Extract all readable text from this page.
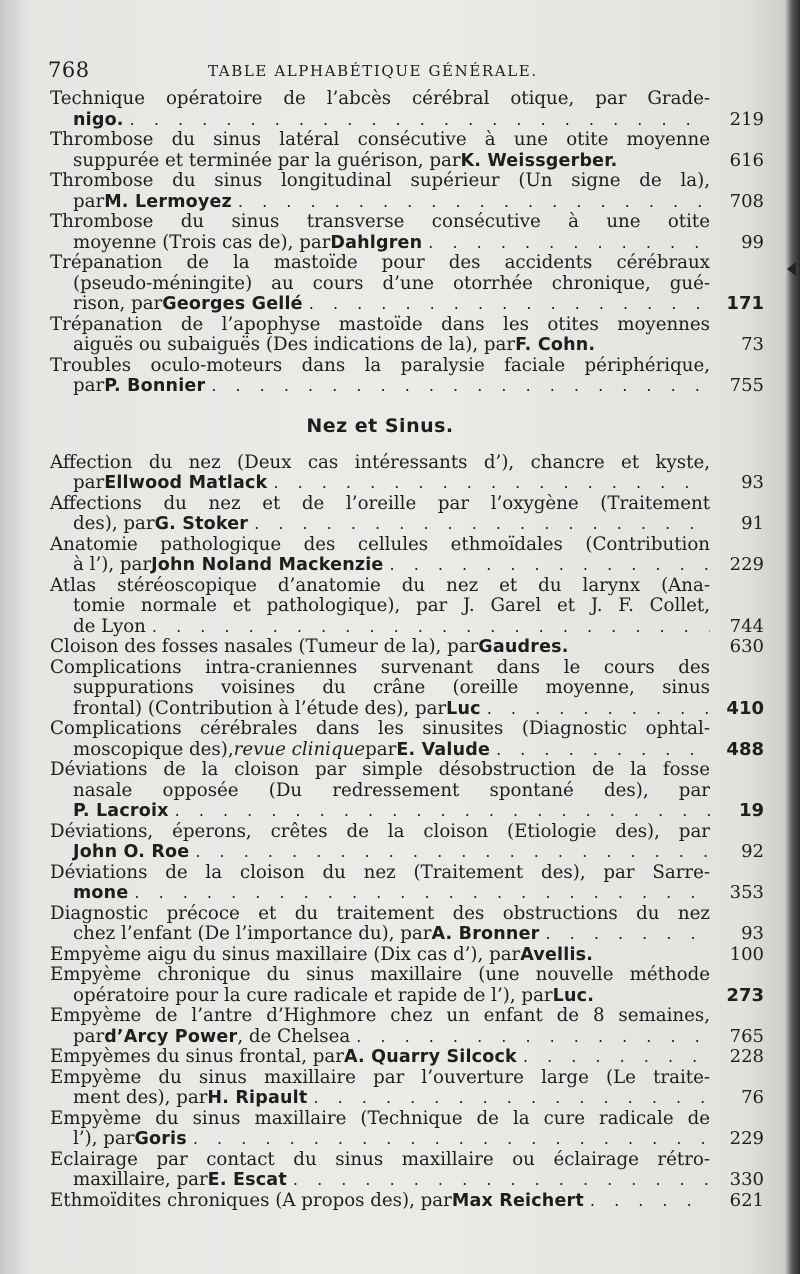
768	TABLE ALPHABÉTIQUE GÉNÉRALE.
Technique opératoire de l’abcès cérébral otique, par Grade-
nigo. . . .	219
Thrombose du sinus latéral consécutive à une otite moyenne
suppurée et terminée par la guérison, par K. Weissgerber.	616
Thrombose du sinus longitudinal supérieur (Un signe de la),
par M. Lermoyez . . .	708
Thrombose du sinus transverse consécutive à une otite
moyenne (Trois cas de), par Dahlgren . . .	99
Trépanation de la mastoïde pour des accidents cérébraux
(pseudo-méningite) au cours d’une otorrhée chronique, gué-
rison, par Georges Gellé . . .	171
Trépanation de l’apophyse mastoïde dans les otites moyennes
aiguës ou subaiguës (Des indications de la), par F. Cohn.	73
Troubles oculo-moteurs dans la paralysie faciale périphérique,
par P. Bonnier . . .	755
Nez et Sinus.
Affection du nez (Deux cas intéressants d’), chancre et kyste,
par Ellwood Matlack . . .	93
Affections du nez et de l’oreille par l’oxygène (Traitement
des), par G. Stoker . . .	91
Anatomie pathologique des cellules ethmoïdales (Contribution
à l’), par John Noland Mackenzie . . .	229
Atlas stéréoscopique d’anatomie du nez et du larynx (Ana-
tomie normale et pathologique), par J. Garel et J. F. Collet,
de Lyon . . .	744
Cloison des fosses nasales (Tumeur de la), par Gaudres.	630
Complications intra-craniennes survenant dans le cours des
suppurations voisines du crâne (oreille moyenne, sinus
frontal) (Contribution à l’étude des), par Luc . . .	410
Complications cérébrales dans les sinusites (Diagnostic ophtal-
moscopique des), revue clinique par E. Valude . . .	488
Déviations de la cloison par simple désobstruction de la fosse
nasale opposée (Du redressement spontané des), par
P. Lacroix . . .	19
Déviations, éperons, crêtes de la cloison (Etiologie des), par
John O. Roe . . .	92
Déviations de la cloison du nez (Traitement des), par Sarre-
mone . . .	353
Diagnostic précoce et du traitement des obstructions du nez
chez l’enfant (De l’importance du), par A. Bronner . . .	93
Empyème aigu du sinus maxillaire (Dix cas d’), par Avellis.	100
Empyème chronique du sinus maxillaire (une nouvelle méthode
opératoire pour la cure radicale et rapide de l’), par Luc.	273
Empyème de l’antre d’Highmore chez un enfant de 8 semaines,
par d’Arcy Power , de Chelsea . . .	765
Empyèmes du sinus frontal, par A. Quarry Silcock . . .	228
Empyème du sinus maxillaire par l’ouverture large (Le traite-
ment des), par H. Ripault . . .	76
Empyème du sinus maxillaire (Technique de la cure radicale de
l’), par Goris . . .	229
Eclairage par contact du sinus maxillaire ou éclairage rétro-
maxillaire, par E. Escat . . .	330
Ethmoïdites chroniques (A propos des), par Max Reichert . . .	621
